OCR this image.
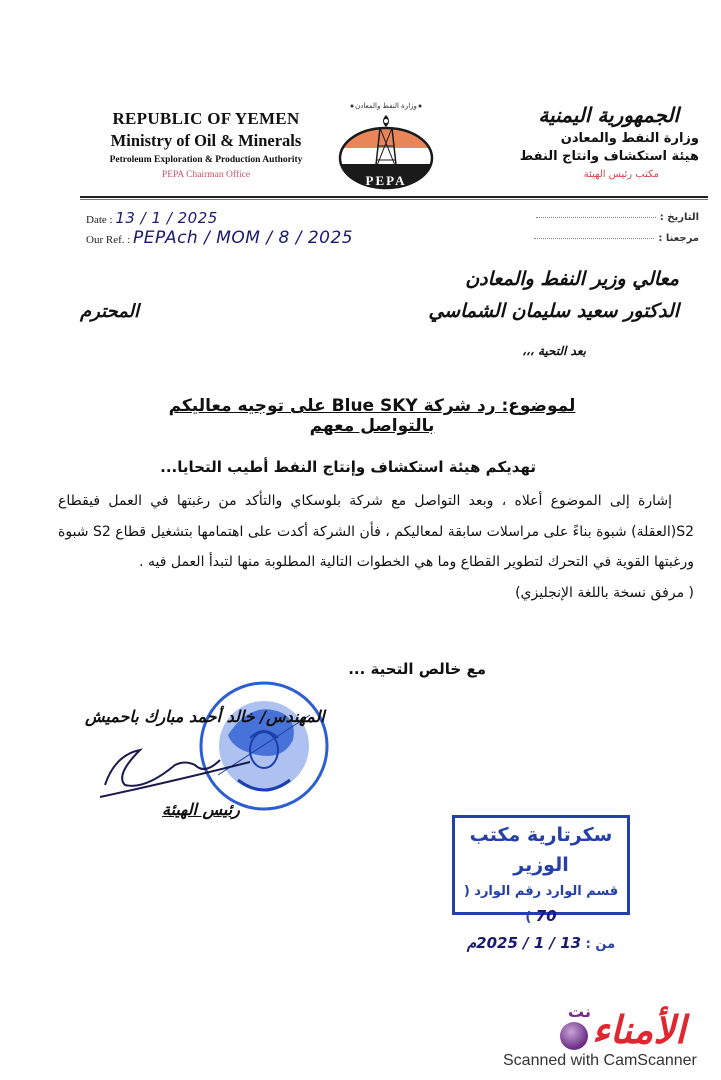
REPUBLIC OF YEMEN
Ministry of Oil & Minerals
Petroleum Exploration & Production Authority
PEPA Chairman Office
وزارة النفط والمعادن
PEPA
الجمهورية اليمنية
وزارة النفط والمعادن
هيئة استكشاف وانتاج النفط
مكتب رئيس الهيئة
Date : 13 / 1 / 2025
Our Ref. : PEPAch / MOM / 8 / 2025
التاريخ :
مرجعنا :
معالي وزير النفط والمعادن
الدكتور سعيد سليمان الشماسي
المحترم
بعد التحية ،،،
لموضوع: رد شركة Blue SKY على توجيه معاليكم بالتواصل معهم
تهديكم هيئة استكشاف وإنتاج النفط أطيب التحايا...
إشارة إلى الموضوع أعلاه ، وبعد التواصل مع شركة بلوسكاي والتأكد من رغبتها في العمل فيقطاع S2(العقلة) شبوة بناءً على مراسلات سابقة لمعاليكم ، فأن الشركة أكدت على اهتمامها بتشغيل قطاع S2 شبوة ورغبتها القوية في التحرك لتطوير القطاع وما هي الخطوات التالية المطلوبة منها لتبدأ العمل فيه .
( مرفق نسخة باللغة الإنجليزي)
مع خالص التحية ...
المهندس/ خالد أحمد مبارك باحميش
رئيس الهيئة
سكرتارية مكتب الوزير
قسم الوارد رقم الوارد ( 70 )
من : 13 / 1 / 2025م
نت الأمناء
Scanned with CamScanner
